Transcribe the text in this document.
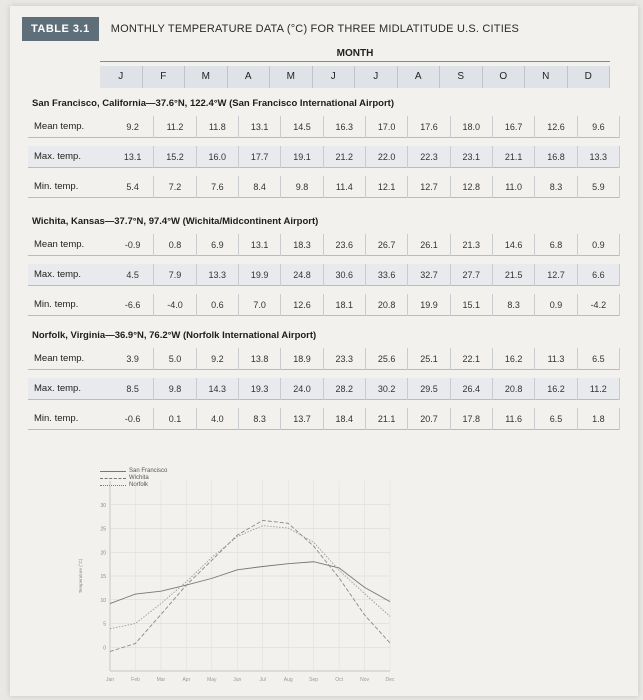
TABLE 3.1	MONTHLY TEMPERATURE DATA (°C) FOR THREE MIDLATITUDE U.S. CITIES
MONTH
J	F	M	A	M	J	J	A	S	O	N	D
San Francisco, California—37.6°N, 122.4°W (San Francisco International Airport)
Mean temp.	9.2	11.2	11.8	13.1	14.5	16.3	17.0	17.6	18.0	16.7	12.6	9.6
Max. temp.	13.1	15.2	16.0	17.7	19.1	21.2	22.0	22.3	23.1	21.1	16.8	13.3
Min. temp.	5.4	7.2	7.6	8.4	9.8	11.4	12.1	12.7	12.8	11.0	8.3	5.9
Wichita, Kansas—37.7°N, 97.4°W (Wichita/Midcontinent Airport)
Mean temp.	-0.9	0.8	6.9	13.1	18.3	23.6	26.7	26.1	21.3	14.6	6.8	0.9
Max. temp.	4.5	7.9	13.3	19.9	24.8	30.6	33.6	32.7	27.7	21.5	12.7	6.6
Min. temp.	-6.6	-4.0	0.6	7.0	12.6	18.1	20.8	19.9	15.1	8.3	0.9	-4.2
Norfolk, Virginia—36.9°N, 76.2°W (Norfolk International Airport)
Mean temp.	3.9	5.0	9.2	13.8	18.9	23.3	25.6	25.1	22.1	16.2	11.3	6.5
Max. temp.	8.5	9.8	14.3	19.3	24.0	28.2	30.2	29.5	26.4	20.8	16.2	11.2
Min. temp.	-0.6	0.1	4.0	8.3	13.7	18.4	21.1	20.7	17.8	11.6	6.5	1.8
San Francisco
Wichita
Norfolk
0
5
10
15
20
25
30
Jan	Feb	Mar	Apr	May	Jun	Jul	Aug	Sep	Oct	Nov	Dec
Temperature (°C)
